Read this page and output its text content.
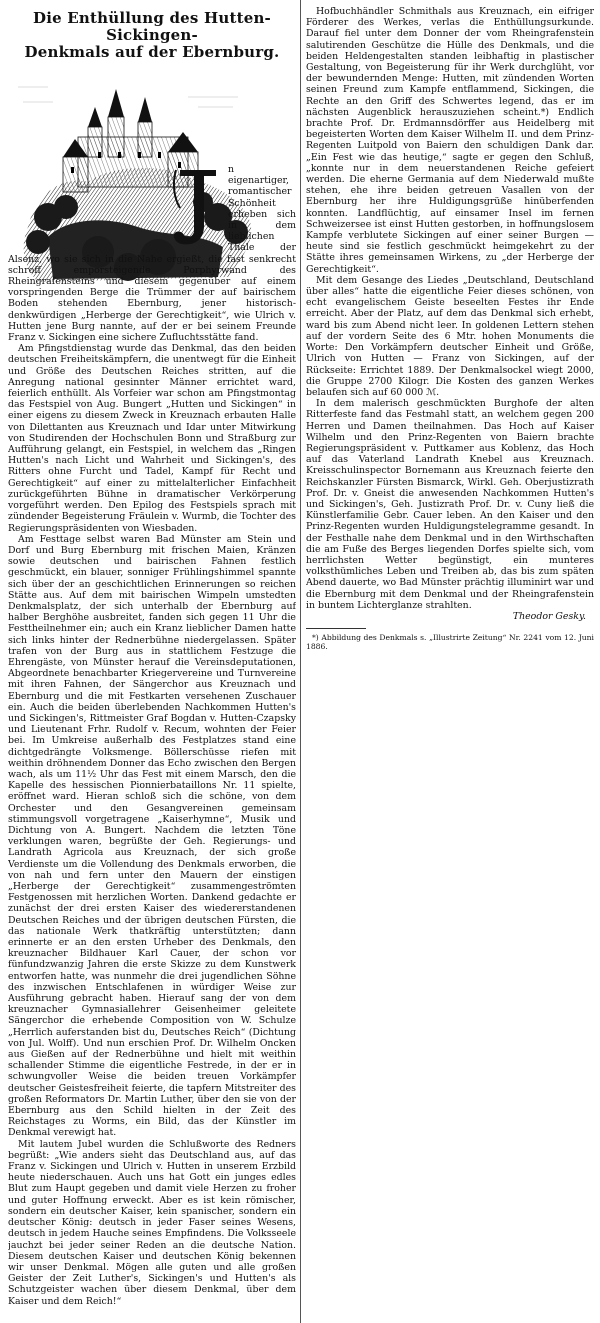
Die Enthüllung des Hutten-Sickingen-
Denkmals auf der Ebernburg.
J	n eigenartiger, romantischer Schönheit erheben sich in dem lieblichen Thale der Alsenz, wo sie sich in die Nahe ergießt, die fast senkrecht schroff emporsteigende Porphyrwand des Rheingrafensteins und diesem gegenüber auf einem vorspringenden Berge die Trümmer der auf bairischem Boden stehenden Ebernburg, jener historisch-denkwürdigen „Herberge der Gerechtigkeit“, wie Ulrich v. Hutten jene Burg nannte, auf der er bei seinem Freunde Franz v. Sickingen eine sichere Zufluchtsstätte fand.

Am Pfingstdienstag wurde das Denkmal, das den beiden deutschen Freiheitskämpfern, die unentwegt für die Einheit und Größe des Deutschen Reiches stritten, auf die Anregung national gesinnter Männer errichtet ward, feierlich enthüllt. Als Vorfeier war schon am Pfingstmontag das Festspiel von Aug. Bungert „Hutten und Sickingen“ in einer eigens zu diesem Zweck in Kreuznach erbauten Halle von Dilettanten aus Kreuznach und Idar unter Mitwirkung von Studirenden der Hochschulen Bonn und Straßburg zur Aufführung gelangt, ein Festspiel, in welchem das „Ringen Hutten's nach Licht und Wahrheit und Sickingen's, des Ritters ohne Furcht und Tadel, Kampf für Recht und Gerechtigkeit“ auf einer zu mittelalterlicher Einfachheit zurückgeführten Bühne in dramatischer Verkörperung vorgeführt werden. Den Epilog des Festspiels sprach mit zündender Begeisterung Fräulein v. Wurmb, die Tochter des Regierungspräsidenten von Wiesbaden.

Am Festtage selbst waren Bad Münster am Stein und Dorf und Burg Ebernburg mit frischen Maien, Kränzen sowie deutschen und bairischen Fahnen festlich geschmückt, ein blauer, sonniger Frühlingshimmel spannte sich über der an geschichtlichen Erinnerungen so reichen Stätte aus. Auf dem mit bairischen Wimpeln umstedten Denkmalsplatz, der sich unterhalb der Ebernburg auf halber Berghöhe ausbreitet, fanden sich gegen 11 Uhr die Festtheilnehmer ein; auch ein Kranz lieblicher Damen hatte sich links hinter der Rednerbühne niedergelassen. Später trafen von der Burg aus in stattlichem Festzuge die Ehrengäste, von Münster herauf die Vereinsdeputationen, Abgeordnete benachbarter Kriegervereine und Turnvereine mit ihren Fahnen, der Sängerchor aus Kreuznach und Ebernburg und die mit Festkarten versehenen Zuschauer ein. Auch die beiden überlebenden Nachkommen Hutten's und Sickingen's, Rittmeister Graf Bogdan v. Hutten-Czapsky und Lieutenant Frhr. Rudolf v. Recum, wohnten der Feier bei. Im Umkreise außerhalb des Festplatzes stand eine dichtgedrängte Volksmenge. Böllerschüsse riefen mit weithin dröhnendem Donner das Echo zwischen den Bergen wach, als um 11½ Uhr das Fest mit einem Marsch, den die Kapelle des hessischen Pionnierbataillons Nr. 11 spielte, eröffnet ward. Hieran schloß sich die schöne, von dem Orchester und den Gesangvereinen gemeinsam stimmungsvoll vorgetragene „Kaiserhymne“, Musik und Dichtung von A. Bungert. Nachdem die letzten Töne verklungen waren, begrüßte der Geh. Regierungs- und Landrath Agricola aus Kreuznach, der sich große Verdienste um die Vollendung des Denkmals erworben, die von nah und fern unter den Mauern der einstigen „Herberge der Gerechtigkeit“ zusammengeströmten Festgenossen mit herzlichen Worten. Dankend gedachte er zunächst der drei ersten Kaiser des wiedererstandenen Deutschen Reiches und der übrigen deutschen Fürsten, die das nationale Werk thatkräftig unterstützten; dann erinnerte er an den ersten Urheber des Denkmals, den kreuznacher Bildhauer Karl Cauer, der schon vor fünfundzwanzig Jahren die erste Skizze zu dem Kunstwerk entworfen hatte, was nunmehr die drei jugendlichen Söhne des inzwischen Entschlafenen in würdiger Weise zur Ausführung gebracht haben. Hierauf sang der von dem kreuznacher Gymnasiallehrer Geisenheimer geleitete Sängerchor die erhebende Composition von W. Schulze „Herrlich auferstanden bist du, Deutsches Reich“ (Dichtung von Jul. Wolff). Und nun erschien Prof. Dr. Wilhelm Oncken aus Gießen auf der Rednerbühne und hielt mit weithin schallender Stimme die eigentliche Festrede, in der er in schwungvoller Weise die beiden treuen Vorkämpfer deutscher Geistesfreiheit feierte, die tapfern Mitstreiter des großen Reformators Dr. Martin Luther, über den sie von der Ebernburg aus den Schild hielten in der Zeit des Reichstages zu Worms, ein Bild, das der Künstler im Denkmal verewigt hat.

Mit lautem Jubel wurden die Schlußworte des Redners begrüßt: „Wie anders sieht das Deutschland aus, auf das Franz v. Sickingen und Ulrich v. Hutten in unserem Erzbild heute niederschauen. Auch uns hat Gott ein junges edles Blut zum Haupt gegeben und damit viele Herzen zu froher und guter Hoffnung erweckt. Aber es ist kein römischer, sondern ein deutscher Kaiser, kein spanischer, sondern ein deutscher König: deutsch in jeder Faser seines Wesens, deutsch in jedem Hauche seines Empfindens. Die Volksseele jauchzt bei jeder seiner Reden an die deutsche Nation. Diesem deutschen Kaiser und deutschen König bekennen wir unser Denkmal. Mögen alle guten und alle großen Geister der Zeit Luther's, Sickingen's und Hutten's als Schutzgeister wachen über diesem Denkmal, über dem Kaiser und dem Reich!“

Hofbuchhändler Schmithals aus Kreuznach, ein eifriger Förderer des Werkes, verlas die Enthüllungsurkunde. Darauf fiel unter dem Donner der vom Rheingrafenstein salutirenden Geschütze die Hülle des Denkmals, und die beiden Heldengestalten standen leibhaftig in plastischer Gestaltung, von Begeisterung für ihr Werk durchglüht, vor der bewundernden Menge: Hutten, mit zündenden Worten seinen Freund zum Kampfe entflammend, Sickingen, die Rechte an den Griff des Schwertes legend, das er im nächsten Augenblick herauszuziehen scheint.*) Endlich brachte Prof. Dr. Erdmannsdörffer aus Heidelberg mit begeisterten Worten dem Kaiser Wilhelm II. und dem Prinz-Regenten Luitpold von Baiern den schuldigen Dank dar. „Ein Fest wie das heutige,“ sagte er gegen den Schluß, „konnte nur in dem neuerstandenen Reiche gefeiert werden. Die eherne Germania auf dem Niederwald mußte stehen, ehe ihre beiden getreuen Vasallen von der Ebernburg her ihre Huldigungsgrüße hinüberfenden konnten. Landflüchtig, auf einsamer Insel im fernen Schweizersee ist einst Hutten gestorben, in hoffnungslosem Kampfe verblutete Sickingen auf einer seiner Burgen — heute sind sie festlich geschmückt heimgekehrt zu der Stätte ihres gemeinsamen Wirkens, zu „der Herberge der Gerechtigkeit“.

Mit dem Gesange des Liedes „Deutschland, Deutschland über alles“ hatte die eigentliche Feier dieses schönen, von echt evangelischem Geiste beseelten Festes ihr Ende erreicht. Aber der Platz, auf dem das Denkmal sich erhebt, ward bis zum Abend nicht leer. In goldenen Lettern stehen auf der vordern Seite des 6 Mtr. hohen Monuments die Worte: Den Vorkämpfern deutscher Einheit und Größe, Ulrich von Hutten — Franz von Sickingen, auf der Rückseite: Errichtet 1889. Der Denkmalsockel wiegt 2000, die Gruppe 2700 Kilogr. Die Kosten des ganzen Werkes belaufen sich auf 60 000 ℳ.

In dem malerisch geschmückten Burghofe der alten Ritterfeste fand das Festmahl statt, an welchem gegen 200 Herren und Damen theilnahmen. Das Hoch auf Kaiser Wilhelm und den Prinz-Regenten von Baiern brachte Regierungspräsident v. Puttkamer aus Koblenz, das Hoch auf das Vaterland Landrath Knebel aus Kreuznach. Kreisschulinspector Bornemann aus Kreuznach feierte den Reichskanzler Fürsten Bismarck, Wirkl. Geh. Oberjustizrath Prof. Dr. v. Gneist die anwesenden Nachkommen Hutten's und Sickingen's, Geh. Justizrath Prof. Dr. v. Cuny ließ die Künstlerfamilie Gebr. Cauer leben. An den Kaiser und den Prinz-Regenten wurden Huldigungstelegramme gesandt. In der Festhalle nahe dem Denkmal und in den Wirthschaften die am Fuße des Berges liegenden Dorfes spielte sich, vom herrlichsten Wetter begünstigt, ein munteres volksthümliches Leben und Treiben ab, das bis zum späten Abend dauerte, wo Bad Münster prächtig illuminirt war und die Ebernburg mit dem Denkmal und der Rheingrafenstein in buntem Lichterglanze strahlten.

Theodor Gesky.

*) Abbildung des Denkmals s. „Illustrirte Zeitung“ Nr. 2241 vom 12. Juni 1886.
